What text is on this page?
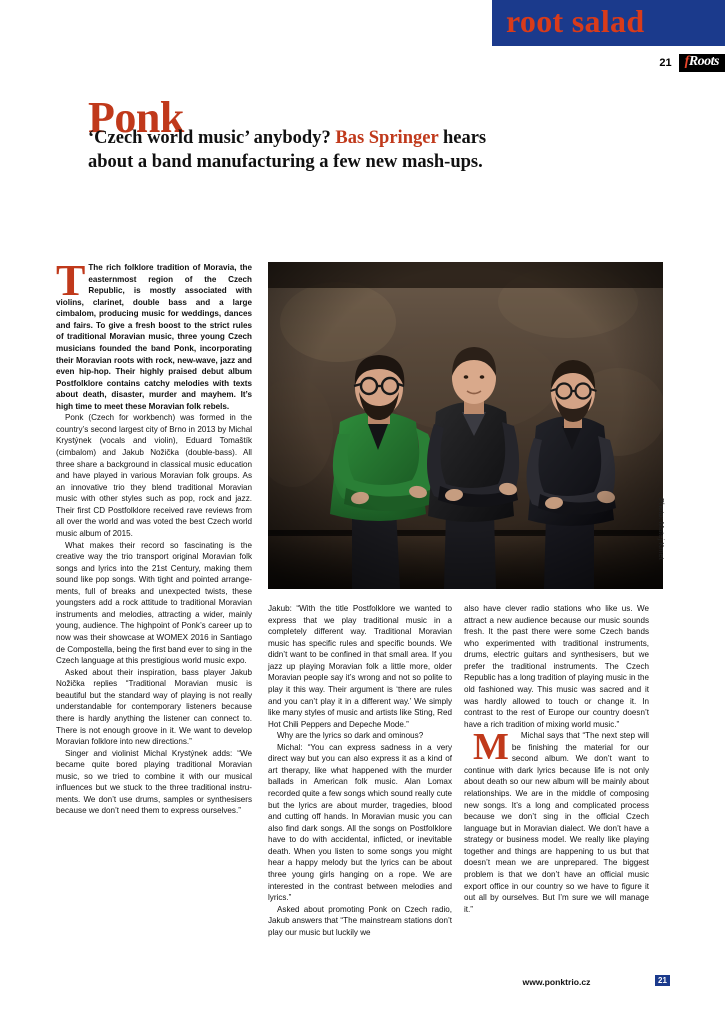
root salad
21 fRoots
Ponk
‘Czech world music’ anybody? Bas Springer hears about a band manufacturing a few new mash-ups.
Photo: Matej Kmet

T The rich folklore tradition of Moravia, the easternmost region of the Czech Republic, is mostly associated with violins, clarinet, double bass and a large cimbalom, producing music for weddings, dances and fairs. To give a fresh boost to the strict rules of traditional Moravian music, three young Czech musicians founded the band Ponk, incorporating their Moravian roots with rock, new-wave, jazz and even hip-hop. Their highly praised debut album Postfolklore contains catchy melodies with texts about death, disaster, murder and mayhem. It’s high time to meet these Moravian folk rebels.

Ponk (Czech for workbench) was formed in the country’s second largest city of Brno in 2013 by Michal Krystýnek (vocals and violin), Eduard Tomaštík (cimbalom) and Jakub Nožička (double-bass). All three share a background in classical music education and have played in various Moravian folk groups. As an innovative trio they blend traditional Moravian music with other styles such as pop, rock and jazz. Their first CD Postfolklore received rave reviews from all over the world and was voted the best Czech world music album of 2015.

What makes their record so fascinating is the creative way the trio transport original Moravian folk songs and lyrics into the 21st Century, making them sound like pop songs. With tight and pointed arrangements, full of breaks and unexpected twists, these youngsters add a rock attitude to traditional Moravian instruments and melodies, attracting a wider, mainly young, audience. The highpoint of Ponk’s career up to now was their showcase at WOMEX 2016 in Santiago de Compostella, being the first band ever to sing in the Czech language at this prestigious world music expo.

Asked about their inspiration, bass player Jakub Nožička replies “Traditional Moravian music is beautiful but the standard way of playing is not really understandable for contemporary listeners because there is hardly anything the listener can connect to. There is not enough groove in it. We want to develop Moravian folklore into new directions.”

Singer and violinist Michal Krystýnek adds: “We became quite bored playing traditional Moravian music, so we tried to combine it with our musical influences but we stuck to the three traditional instruments. We don’t use drums, samples or synthesisers because we don’t need them to express ourselves.”

Jakub: “With the title Postfolklore we wanted to express that we play traditional music in a completely different way. Traditional Moravian music has specific rules and specific bounds. We didn’t want to be confined in that small area. If you jazz up playing Moravian folk a little more, older Moravian people say it’s wrong and not so polite to play it this way. Their argument is ‘there are rules and you can’t play it in a different way.’ We simply like many styles of music and artists like Sting, Red Hot Chili Peppers and Depeche Mode.”

Why are the lyrics so dark and ominous?

Michal: “You can express sadness in a very direct way but you can also express it as a kind of art therapy, like what happened with the murder ballads in American folk music. Alan Lomax recorded quite a few songs which sound really cute but the lyrics are about murder, tragedies, blood and cutting off hands. In Moravian music you can also find dark songs. All the songs on Postfolklore have to do with accidental, inflicted, or inevitable death. When you listen to some songs you might hear a happy melody but the lyrics can be about three young girls hanging on a rope. We are interested in the contrast between melodies and lyrics.”

Asked about promoting Ponk on Czech radio, Jakub answers that “The mainstream stations don’t play our music but luckily we

also have clever radio stations who like us. We attract a new audience because our music sounds fresh. It the past there were some Czech bands who experimented with traditional instruments, drums, electric guitars and synthesisers, but we prefer the traditional instruments. The Czech Republic has a long tradition of playing music in the old fashioned way. This music was sacred and it was hardly allowed to touch or change it. In contrast to the rest of Europe our country doesn’t have a rich tradition of mixing world music.”

M Michal says that “The next step will be finishing the material for our second album. We don’t want to continue with dark lyrics because life is not only about death so our new album will be mainly about relationships. We are in the middle of composing new songs. It’s a long and complicated process because we don’t sing in the official Czech language but in Moravian dialect. We don’t have a strategy or business model. We really like playing together and things are happening to us but that doesn’t mean we are unprepared. The biggest problem is that we don’t have an official music export office in our country so we have to figure it out all by ourselves. But I’m sure we will manage it.”

www.ponktrio.cz	21
